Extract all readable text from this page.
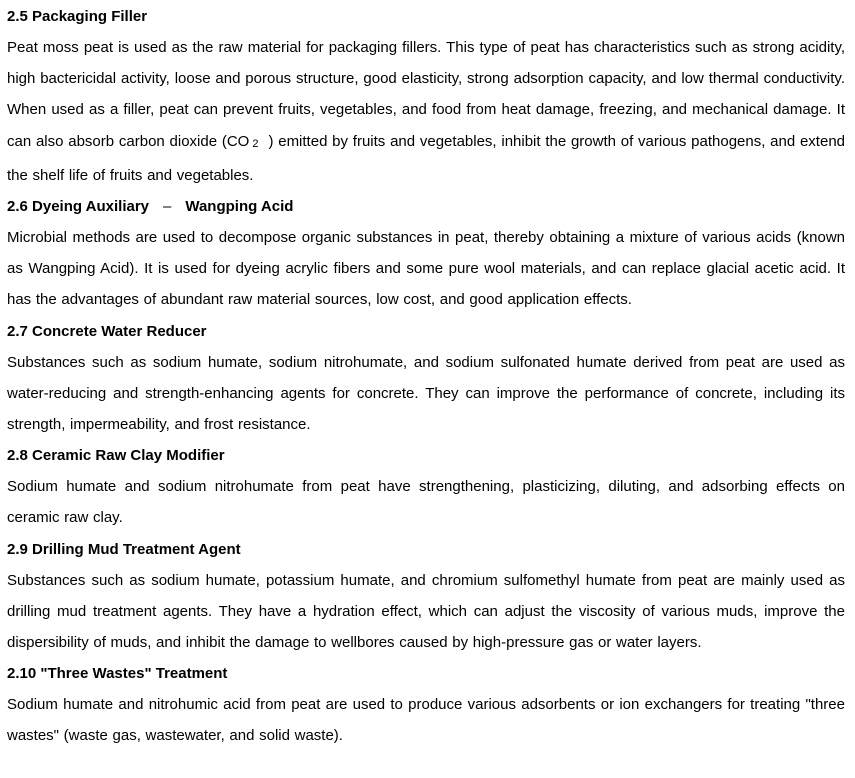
2.5 Packaging Filler

Peat moss peat is used as the raw material for packaging fillers. This type of peat has characteristics such as strong acidity, high bactericidal activity, loose and porous structure, good elasticity, strong adsorption capacity, and low thermal conductivity. When used as a filler, peat can prevent fruits, vegetables, and food from heat damage, freezing, and mechanical damage. It can also absorb carbon dioxide (CO 2 ) emitted by fruits and vegetables, inhibit the growth of various pathogens, and extend the shelf life of fruits and vegetables.

2.6 Dyeing Auxiliary – Wangping Acid

Microbial methods are used to decompose organic substances in peat, thereby obtaining a mixture of various acids (known as Wangping Acid). It is used for dyeing acrylic fibers and some pure wool materials, and can replace glacial acetic acid. It has the advantages of abundant raw material sources, low cost, and good application effects.

2.7 Concrete Water Reducer

Substances such as sodium humate, sodium nitrohumate, and sodium sulfonated humate derived from peat are used as water-reducing and strength-enhancing agents for concrete. They can improve the performance of concrete, including its strength, impermeability, and frost resistance.

2.8 Ceramic Raw Clay Modifier

Sodium humate and sodium nitrohumate from peat have strengthening, plasticizing, diluting, and adsorbing effects on ceramic raw clay.

2.9 Drilling Mud Treatment Agent

Substances such as sodium humate, potassium humate, and chromium sulfomethyl humate from peat are mainly used as drilling mud treatment agents. They have a hydration effect, which can adjust the viscosity of various muds, improve the dispersibility of muds, and inhibit the damage to wellbores caused by high-pressure gas or water layers.

2.10 "Three Wastes" Treatment

Sodium humate and nitrohumic acid from peat are used to produce various adsorbents or ion exchangers for treating "three wastes" (waste gas, wastewater, and solid waste).
